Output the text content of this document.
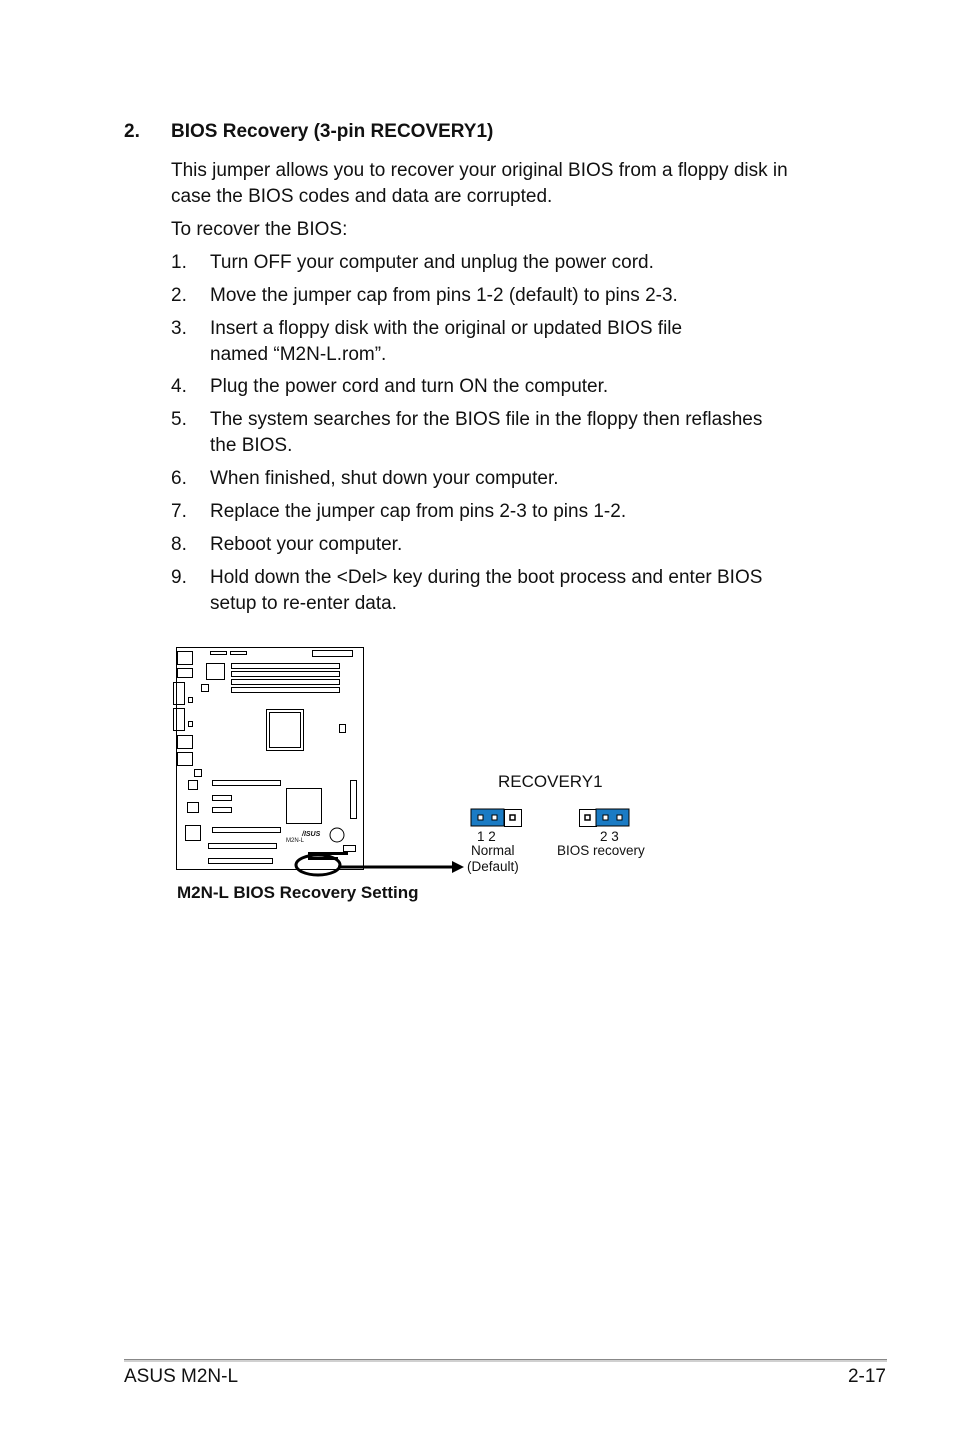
2. BIOS Recovery (3-pin RECOVERY1)
This jumper allows you to recover your original BIOS from a floppy disk in
case the BIOS codes and data are corrupted.
To recover the BIOS:
1. Turn OFF your computer and unplug the power cord.
2. Move the jumper cap from pins 1-2 (default) to pins 2-3.
3. Insert a floppy disk with the original or updated BIOS file
named “M2N-L.rom”.
4. Plug the power cord and turn ON the computer.
5. The system searches for the BIOS file in the floppy then reflashes
the BIOS.
6. When finished, shut down your computer.
7. Replace the jumper cap from pins 2-3 to pins 1-2.
8. Reboot your computer.
9. Hold down the <Del> key during the boot process and enter BIOS
setup to re-enter data.
/ISUS
M2N-L
RECOVERY1
1 2
Normal
(Default)
2 3
BIOS recovery
M2N-L BIOS Recovery Setting
ASUS M2N-L	2-17
